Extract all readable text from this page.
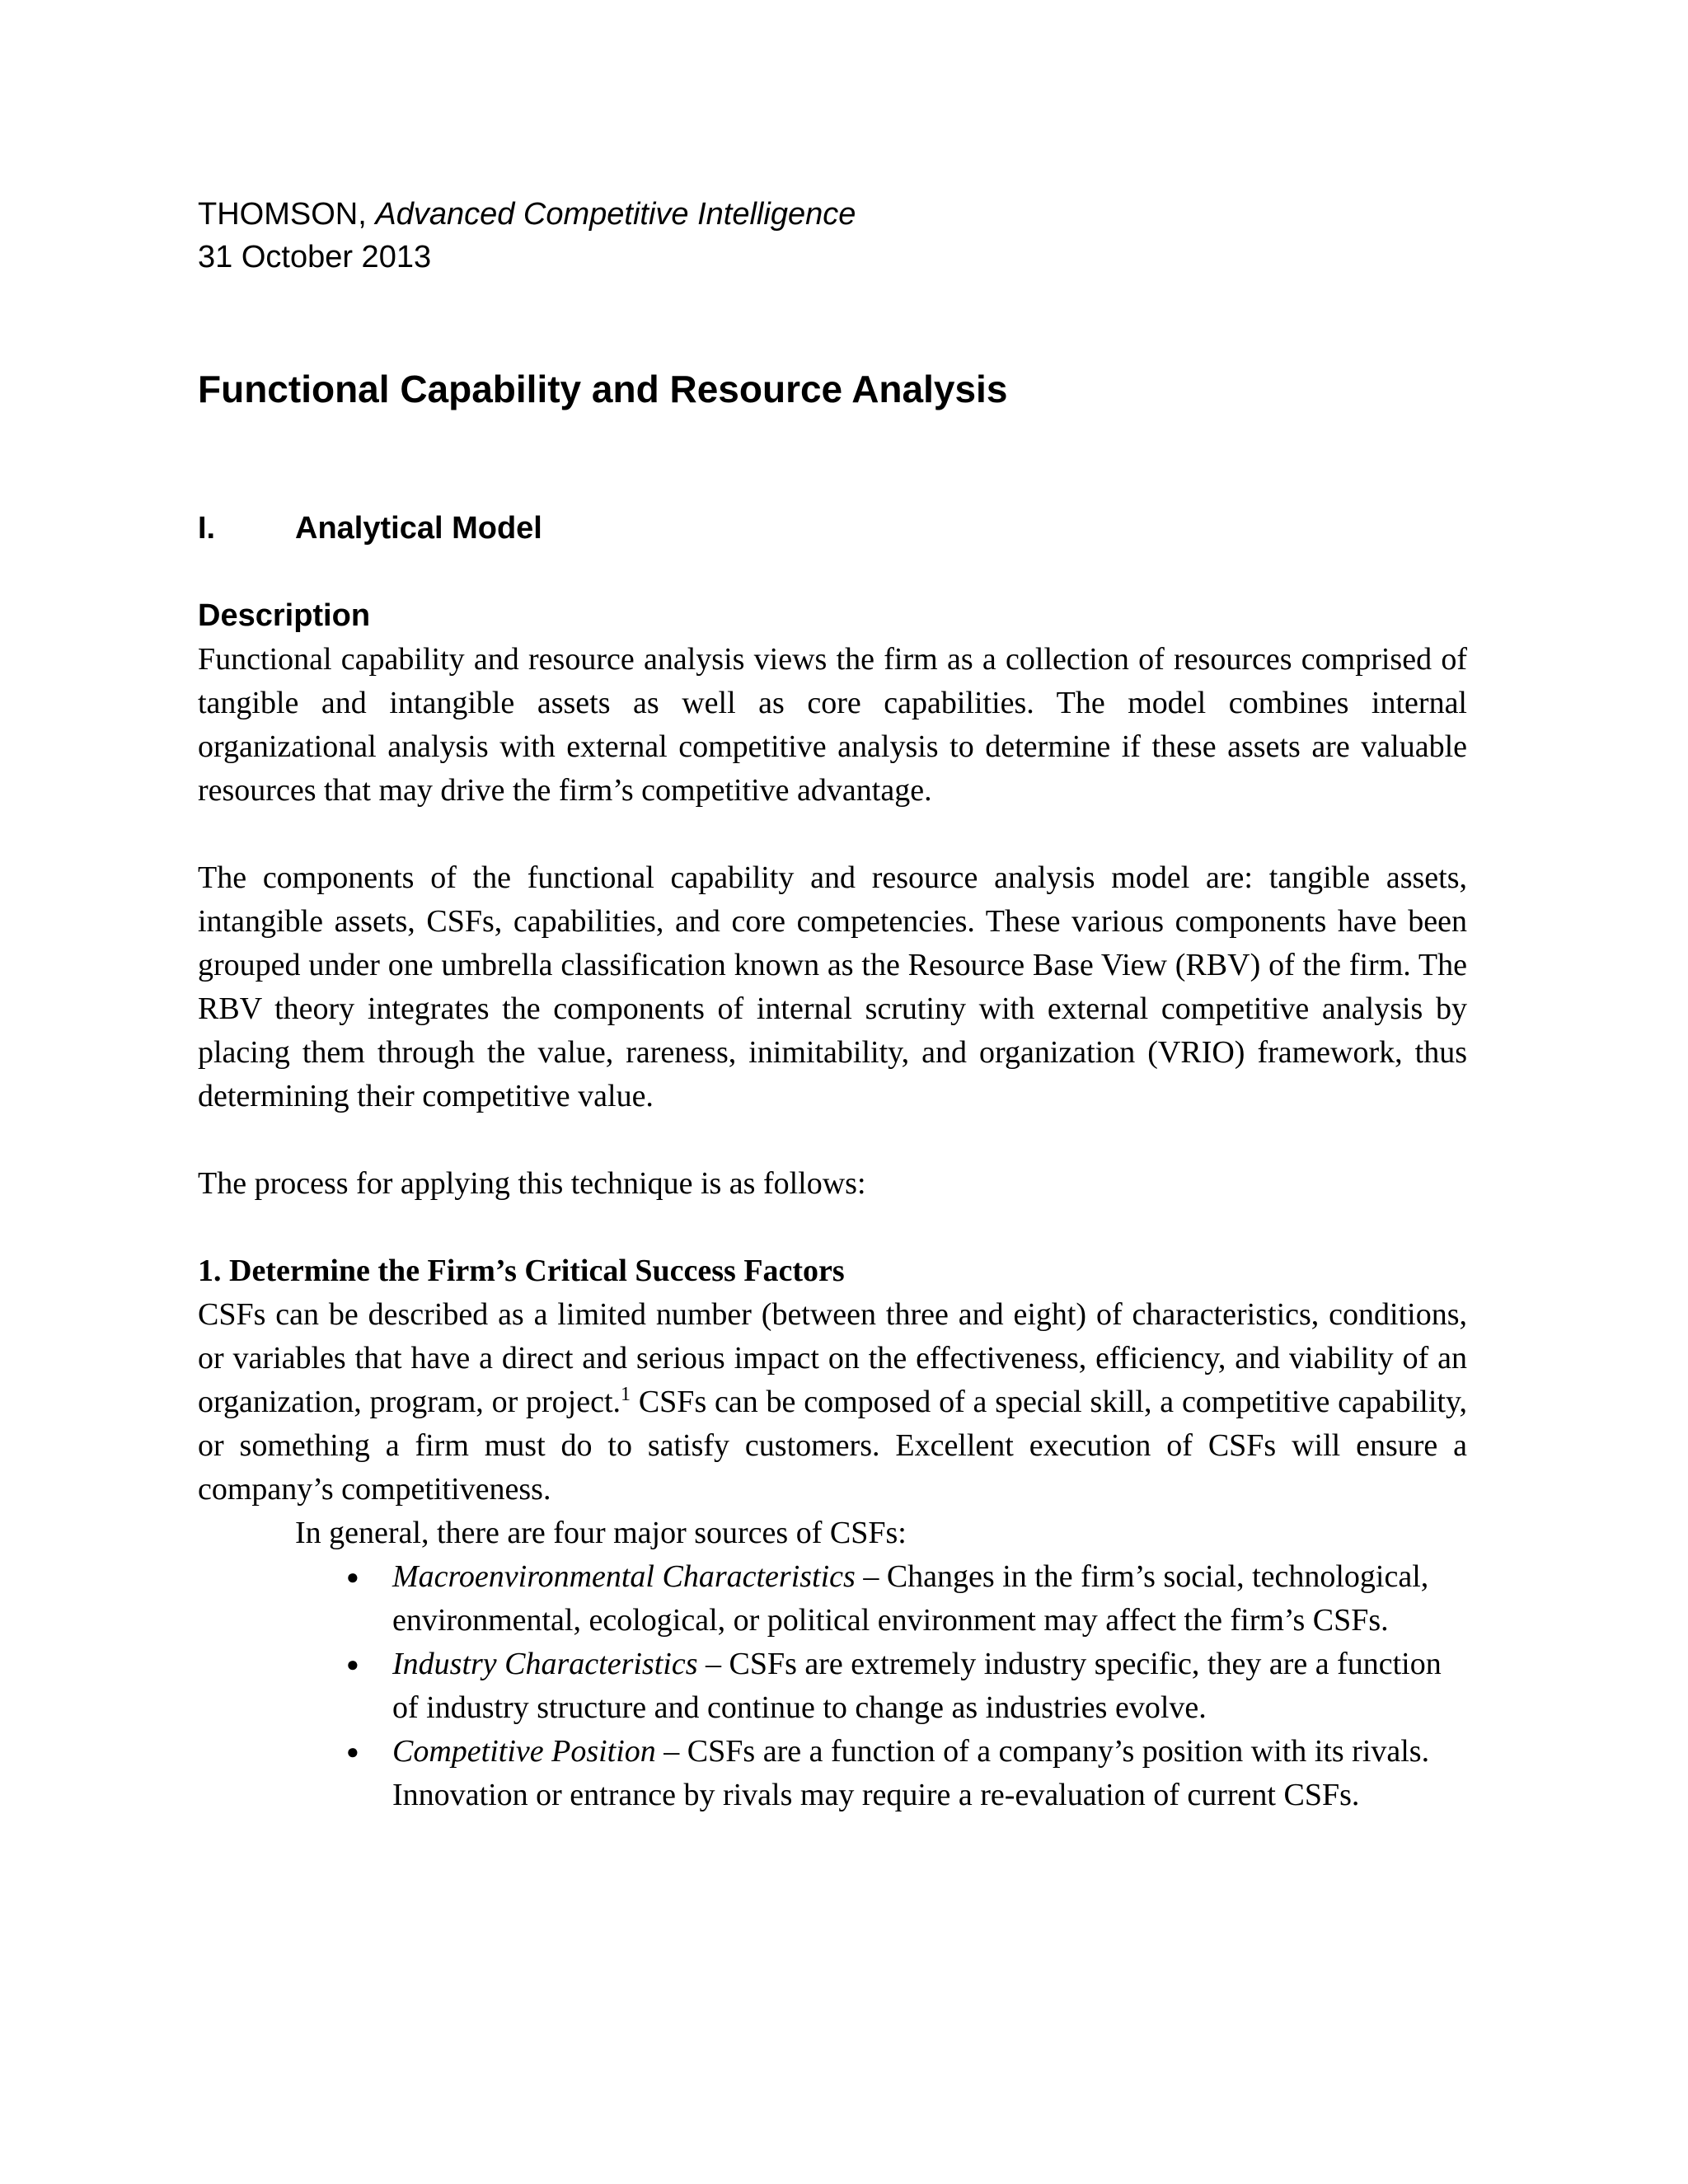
THOMSON, Advanced Competitive Intelligence
31 October 2013
Functional Capability and Resource Analysis
I.	Analytical Model
Description

Functional capability and resource analysis views the firm as a collection of resources comprised of tangible and intangible assets as well as core capabilities. The model combines internal organizational analysis with external competitive analysis to determine if these assets are valuable resources that may drive the firm’s competitive advantage.

The components of the functional capability and resource analysis model are: tangible assets, intangible assets, CSFs, capabilities, and core competencies. These various components have been grouped under one umbrella classification known as the Resource Base View (RBV) of the firm. The RBV theory integrates the components of internal scrutiny with external competitive analysis by placing them through the value, rareness, inimitability, and organization (VRIO) framework, thus determining their competitive value.

The process for applying this technique is as follows:

1. Determine the Firm’s Critical Success Factors

CSFs can be described as a limited number (between three and eight) of characteristics, conditions, or variables that have a direct and serious impact on the effectiveness, efficiency, and viability of an organization, program, or project.$^1$ CSFs can be composed of a special skill, a competitive capability, or something a firm must do to satisfy customers. Excellent execution of CSFs will ensure a company’s competitiveness.

In general, there are four major sources of CSFs:

● Macroenvironmental Characteristics – Changes in the firm’s social, technological, environmental, ecological, or political environment may affect the firm’s CSFs.
● Industry Characteristics – CSFs are extremely industry specific, they are a function of industry structure and continue to change as industries evolve.
● Competitive Position – CSFs are a function of a company’s position with its rivals. Innovation or entrance by rivals may require a re-evaluation of current CSFs.
